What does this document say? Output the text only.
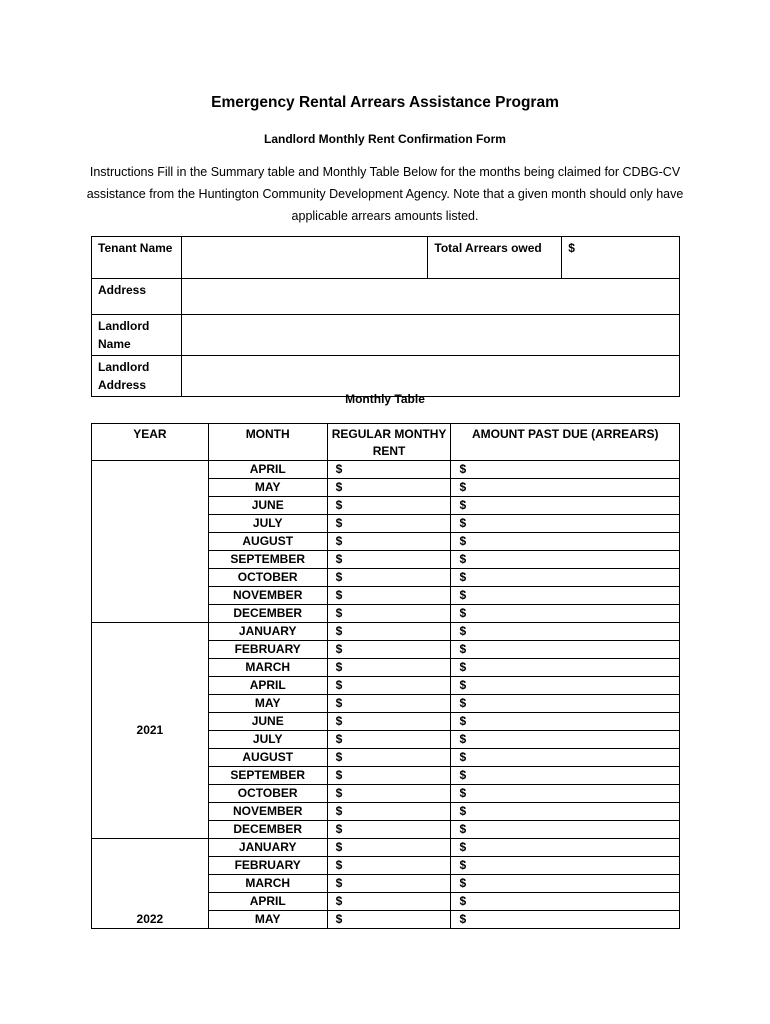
Emergency Rental Arrears Assistance Program
Landlord Monthly Rent Confirmation Form
Instructions Fill in the Summary table and Monthly Table Below for the months being claimed for CDBG-CV assistance from the Huntington Community Development Agency. Note that a given month should only have applicable arrears amounts listed.
Tenant Name		Total Arrears owed	$
Address			
Landlord Name			
Landlord Address			
Monthly Table
YEAR	MONTH	REGULAR MONTHY RENT	AMOUNT PAST DUE (ARREARS)
	APRIL	$	$
	MAY	$	$
	JUNE	$	$
	JULY	$	$
	AUGUST	$	$
	SEPTEMBER	$	$
	OCTOBER	$	$
	NOVEMBER	$	$
	DECEMBER	$	$
2021	JANUARY	$	$
	FEBRUARY	$	$
	MARCH	$	$
	APRIL	$	$
	MAY	$	$
	JUNE	$	$
	JULY	$	$
	AUGUST	$	$
	SEPTEMBER	$	$
	OCTOBER	$	$
	NOVEMBER	$	$
	DECEMBER	$	$
2022	JANUARY	$	$
	FEBRUARY	$	$
	MARCH	$	$
	APRIL	$	$
	MAY	$	$
